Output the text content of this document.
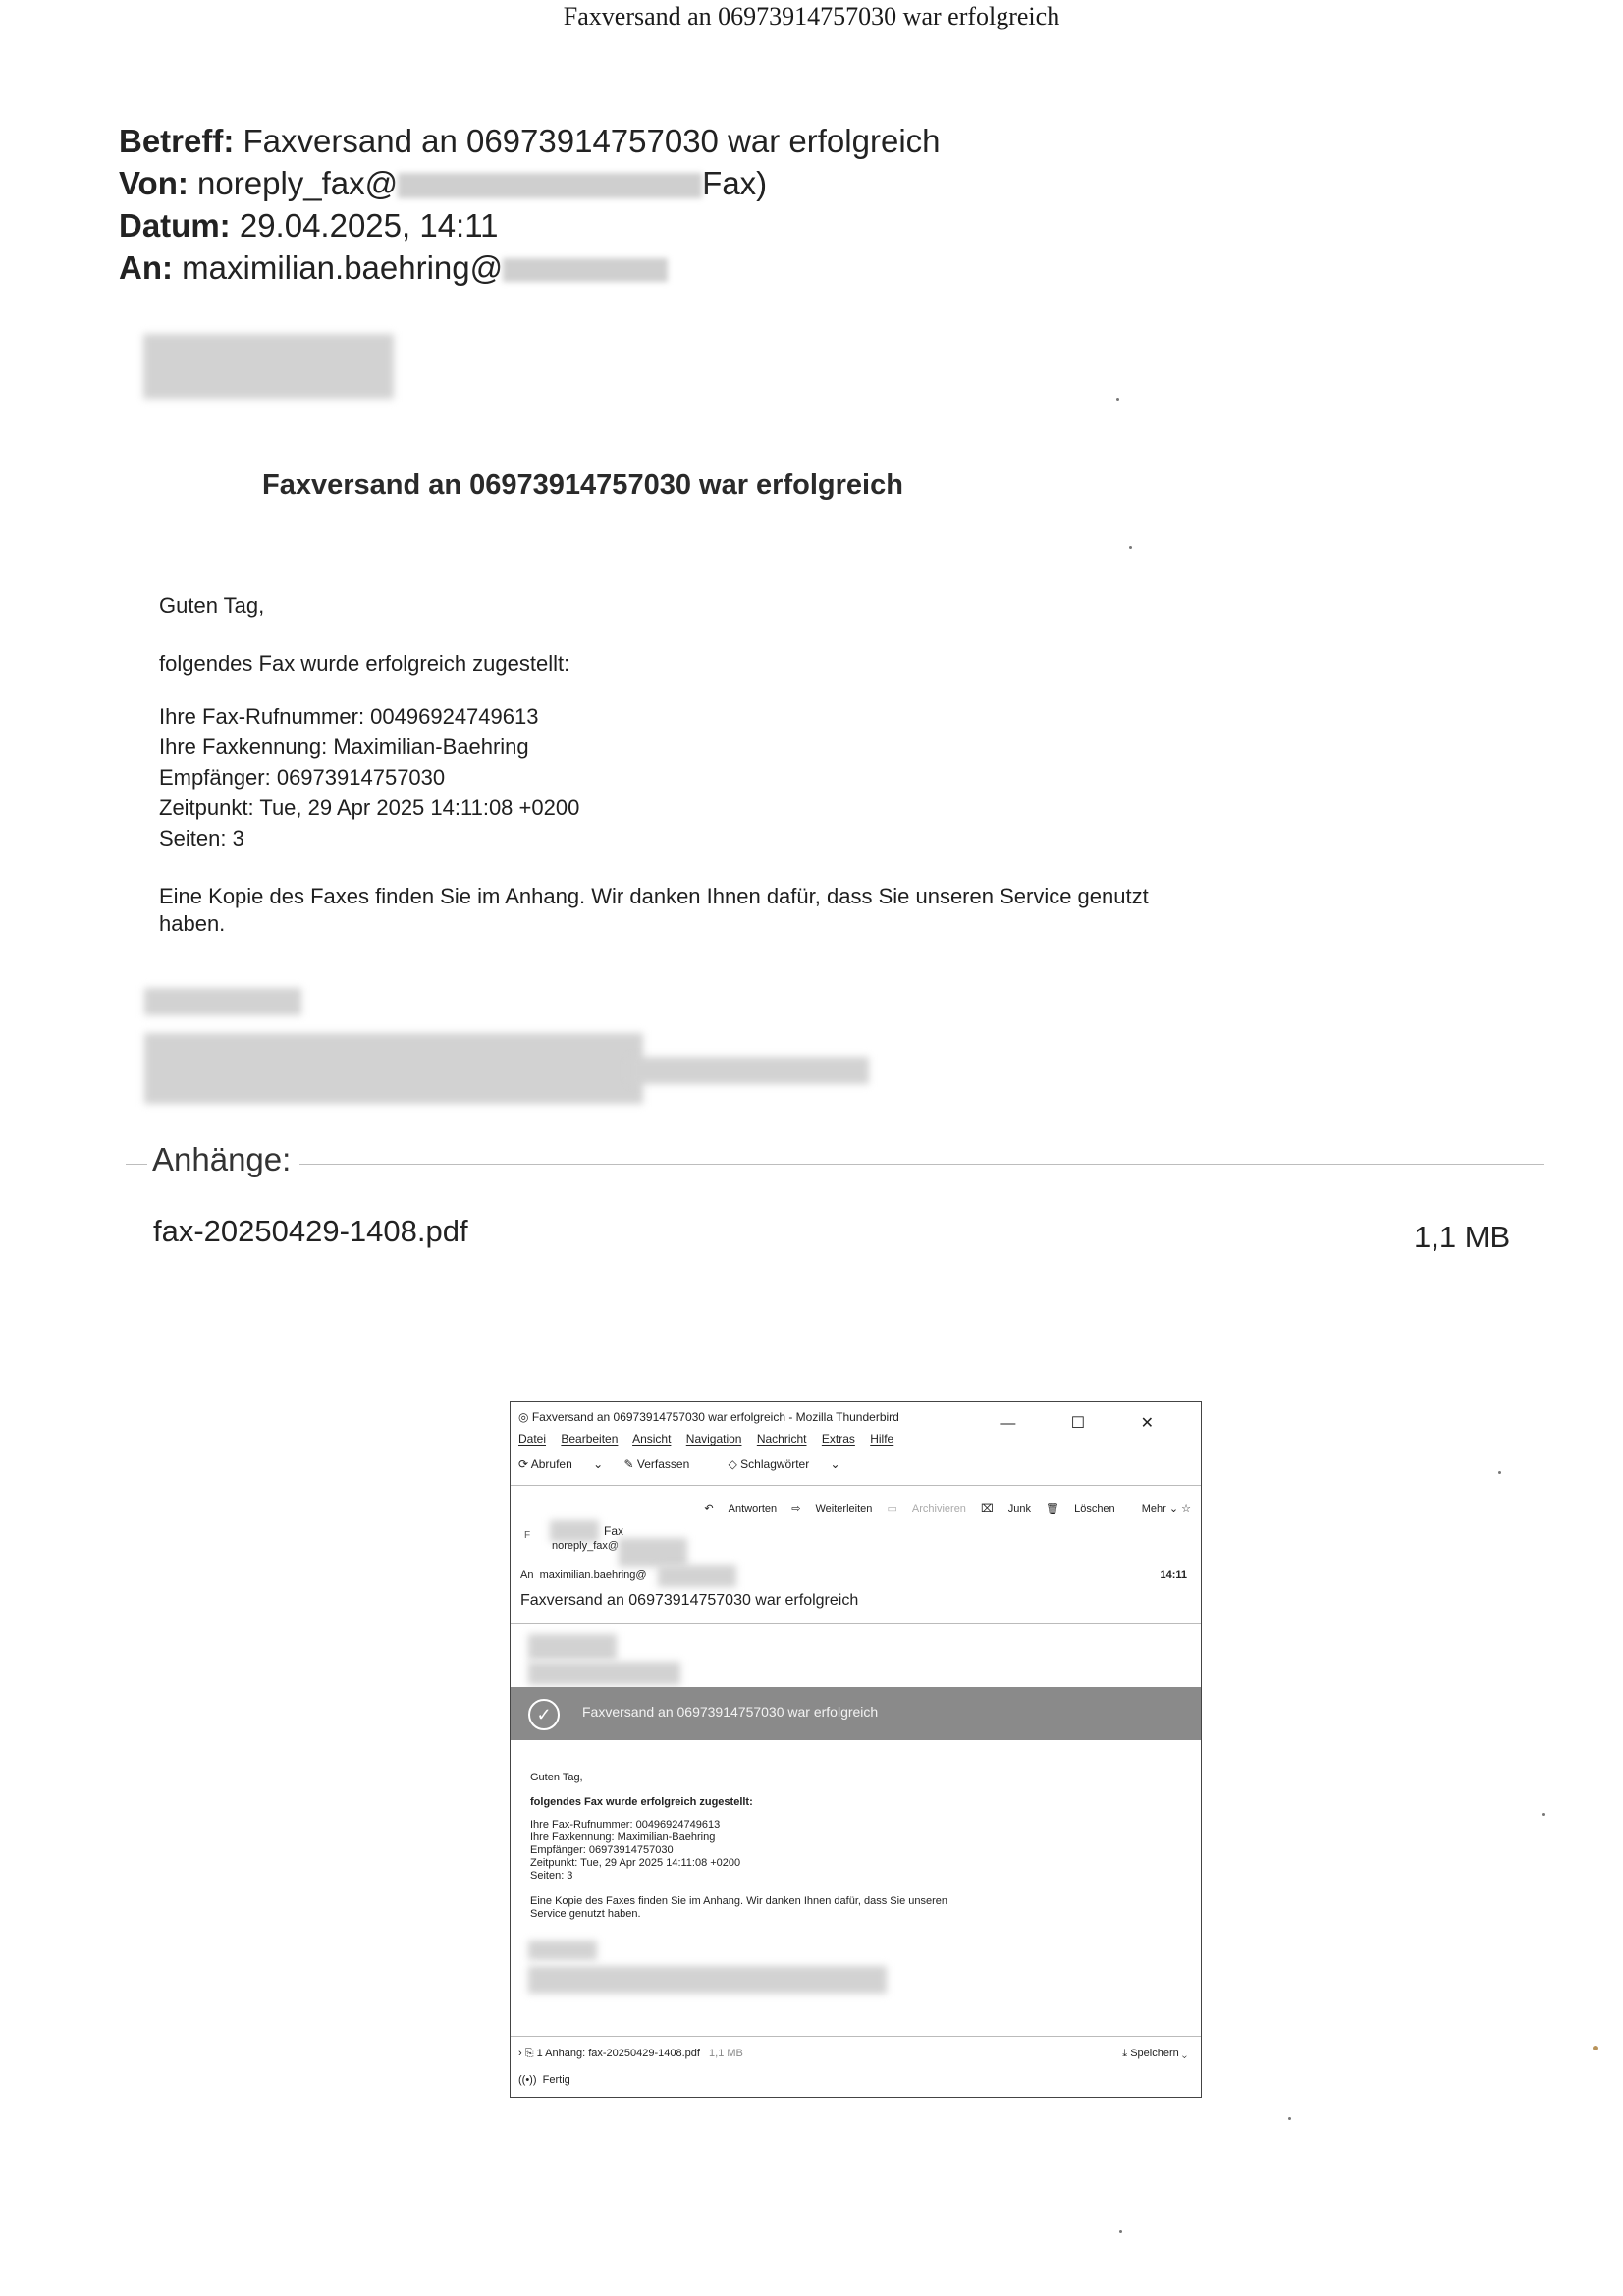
Faxversand an 06973914757030 war erfolgreich
Betreff: Faxversand an 06973914757030 war erfolgreich
Von: noreply_fax@	Fax)
Datum: 29.04.2025, 14:11
An: maximilian.baehring@
Faxversand an 06973914757030 war erfolgreich
Guten Tag,
folgendes Fax wurde erfolgreich zugestellt:
Ihre Fax-Rufnummer: 00496924749613
Ihre Faxkennung: Maximilian-Baehring
Empfänger: 06973914757030
Zeitpunkt: Tue, 29 Apr 2025 14:11:08 +0200
Seiten: 3
Eine Kopie des Faxes finden Sie im Anhang. Wir danken Ihnen dafür, dass Sie unseren Service genutzt
haben.
Anhänge:
fax-20250429-1408.pdf	1,1 MB
◎ Faxversand an 06973914757030 war erfolgreich - Mozilla Thunderbird	— ☐ ✕
Datei Bearbeiten Ansicht Navigation Nachricht Extras Hilfe
⟳ Abrufen ⌄ ✎ Verfassen	◇ Schlagwörter ⌄
↶ Antworten ⇨ Weiterleiten ▭ Archivieren ⌧ Junk 🗑 Löschen Mehr ⌄ ☆
F	Fax
noreply_fax@
An maximilian.baehring@	14:11
Faxversand an 06973914757030 war erfolgreich
✓	Faxversand an 06973914757030 war erfolgreich
Guten Tag,
folgendes Fax wurde erfolgreich zugestellt:
Ihre Fax-Rufnummer: 00496924749613
Ihre Faxkennung: Maximilian-Baehring
Empfänger: 06973914757030
Zeitpunkt: Tue, 29 Apr 2025 14:11:08 +0200
Seiten: 3
Eine Kopie des Faxes finden Sie im Anhang. Wir danken Ihnen dafür, dass Sie unseren
Service genutzt haben.
› ⎘ 1 Anhang: fax-20250429-1408.pdf 1,1 MB	⤓ Speichern ⌄
((•)) Fertig
